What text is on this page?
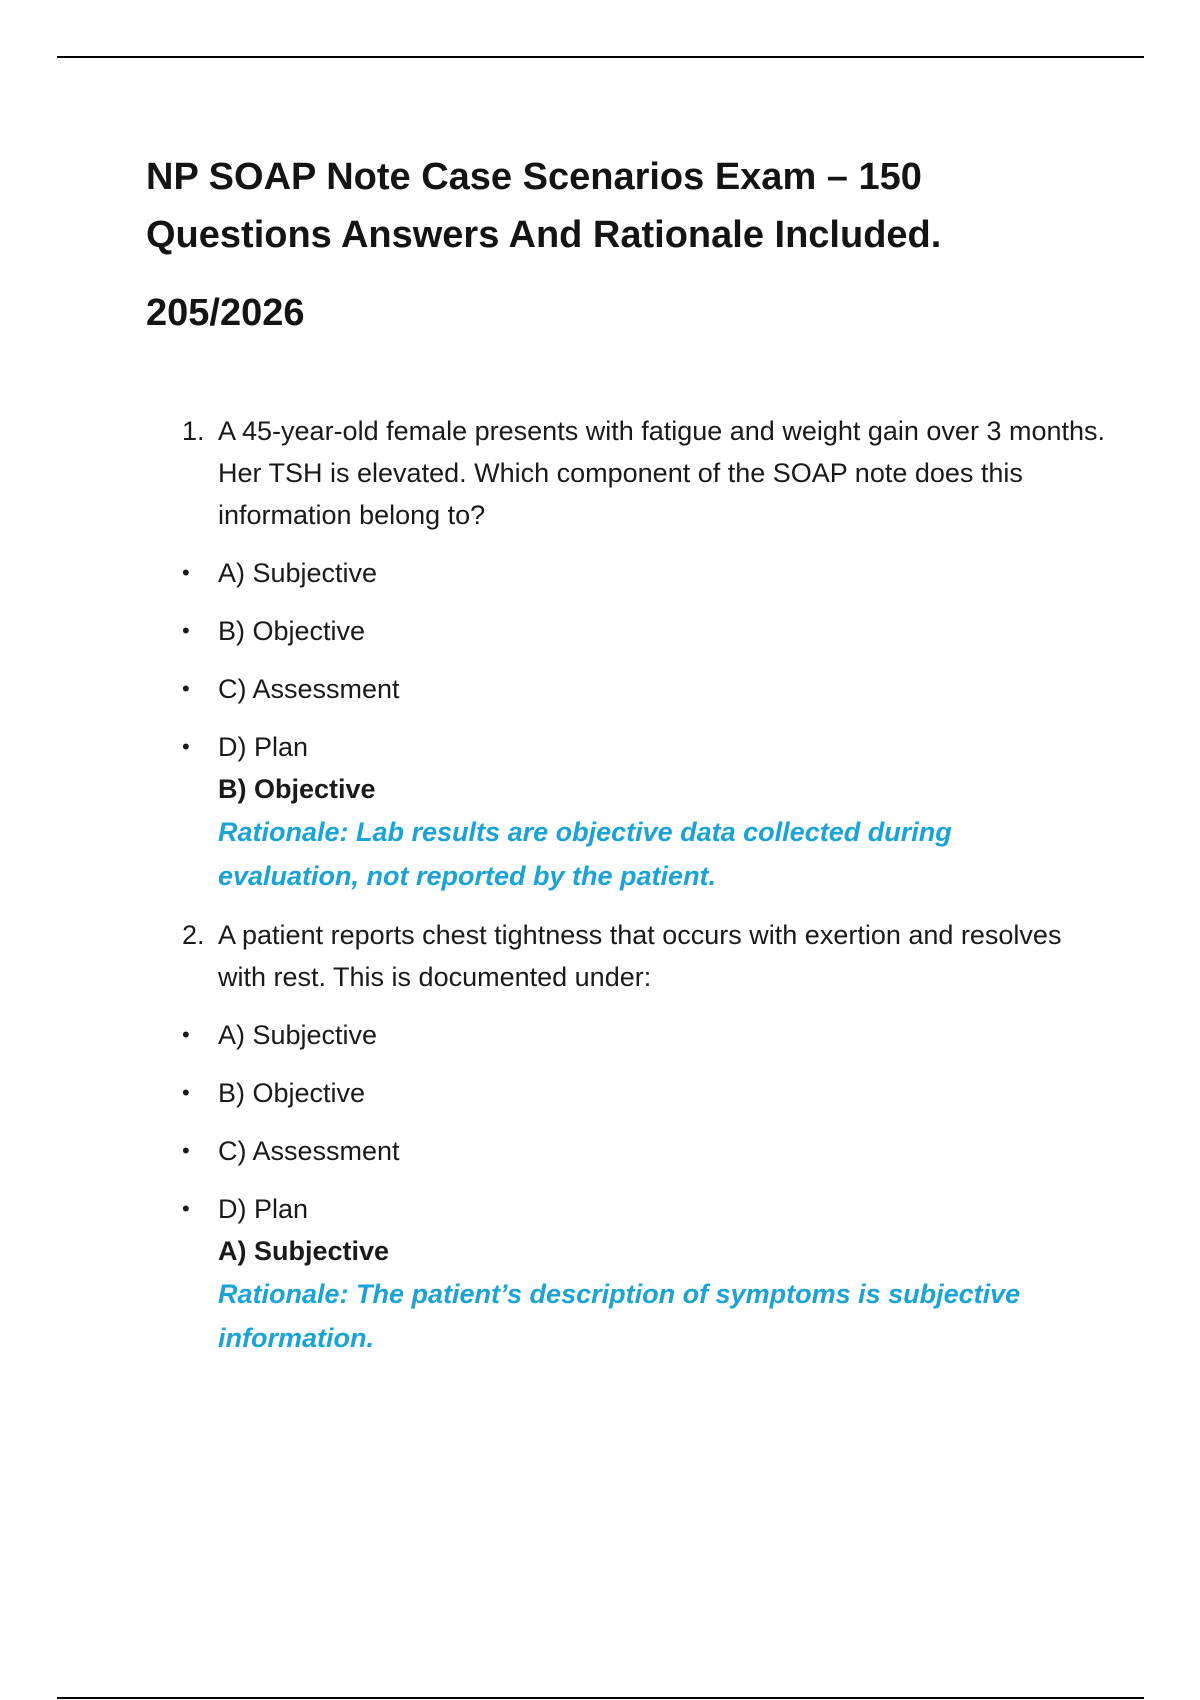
NP SOAP Note Case Scenarios Exam – 150
Questions Answers And Rationale Included.
205/2026

1. A 45-year-old female presents with fatigue and weight gain over 3 months. Her TSH is elevated. Which component of the SOAP note does this information belong to?

• A) Subjective
• B) Objective
• C) Assessment
• D) Plan

B) Objective

Rationale: Lab results are objective data collected during evaluation, not reported by the patient.

2. A patient reports chest tightness that occurs with exertion and resolves with rest. This is documented under:

• A) Subjective
• B) Objective
• C) Assessment
• D) Plan

A) Subjective

Rationale: The patient’s description of symptoms is subjective information.
